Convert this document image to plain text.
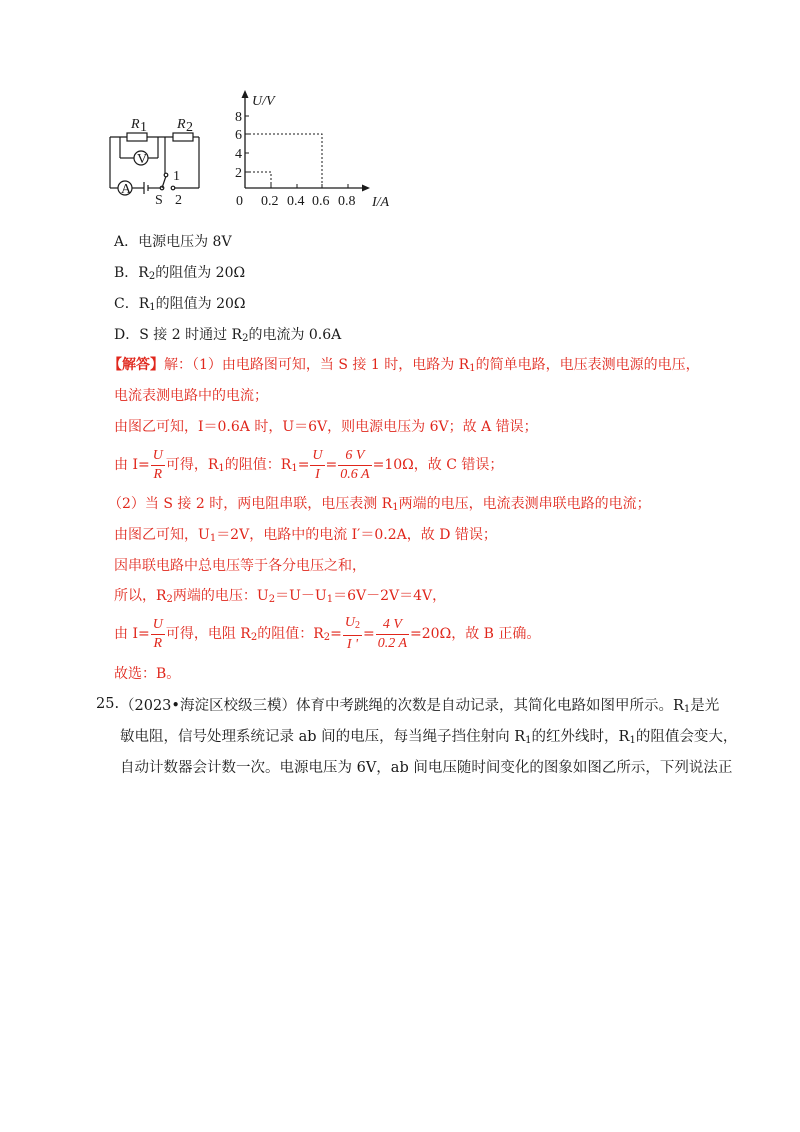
R 1 R 2
V
A
S
1
2
U/V
I/A
0
2
4
6
8
0.2 0.4 0.6 0.8
A．电源电压为 8V
B．$R_2$的阻值为 20Ω
C．$R_1$的阻值为 20Ω
D．S 接 2 时通过 $R_2$的电流为 0.6A
【解答】解：（1）由电路图可知，当 S 接 1 时，电路为 $R_1$的简单电路，电压表测电源的电压，
电流表测电路中的电流；
由图乙可知，I＝0.6A 时，U＝6V，则电源电压为 6V；故 A 错误；
由 $I= \frac{U}{R}$ 可得，$R_1$的阻值：$R_1= \frac{U}{I} = \frac{6 V}{0.6 A} =10\Omega$，故 C 错误；
（2）当 S 接 2 时，两电阻串联，电压表测 $R_1$两端的电压，电流表测串联电路的电流；
由图乙可知，$U_1=2V$，电路中的电流 I′＝0.2A，故 D 错误；
因串联电路中总电压等于各分电压之和，
所以，$R_2$两端的电压：$U_2=U-U_1=6V-2V=4V$，
由 $I= \frac{U}{R}$ 可得，电阻 $R_2$的阻值：$R_2= \frac{U_2}{I '} = \frac{4 V}{0.2 A} =20\Omega$，故 B 正确。
故选：B。
25. （2023•海淀区校级三模）体育中考跳绳的次数是自动记录，其简化电路如图甲所示。$R_1$是光
敏电阻，信号处理系统记录 ab 间的电压，每当绳子挡住射向 $R_1$的红外线时，$R_1$的阻值会变大，
自动计数器会计数一次。电源电压为 6V，ab 间电压随时间变化的图象如图乙所示，下列说法正
